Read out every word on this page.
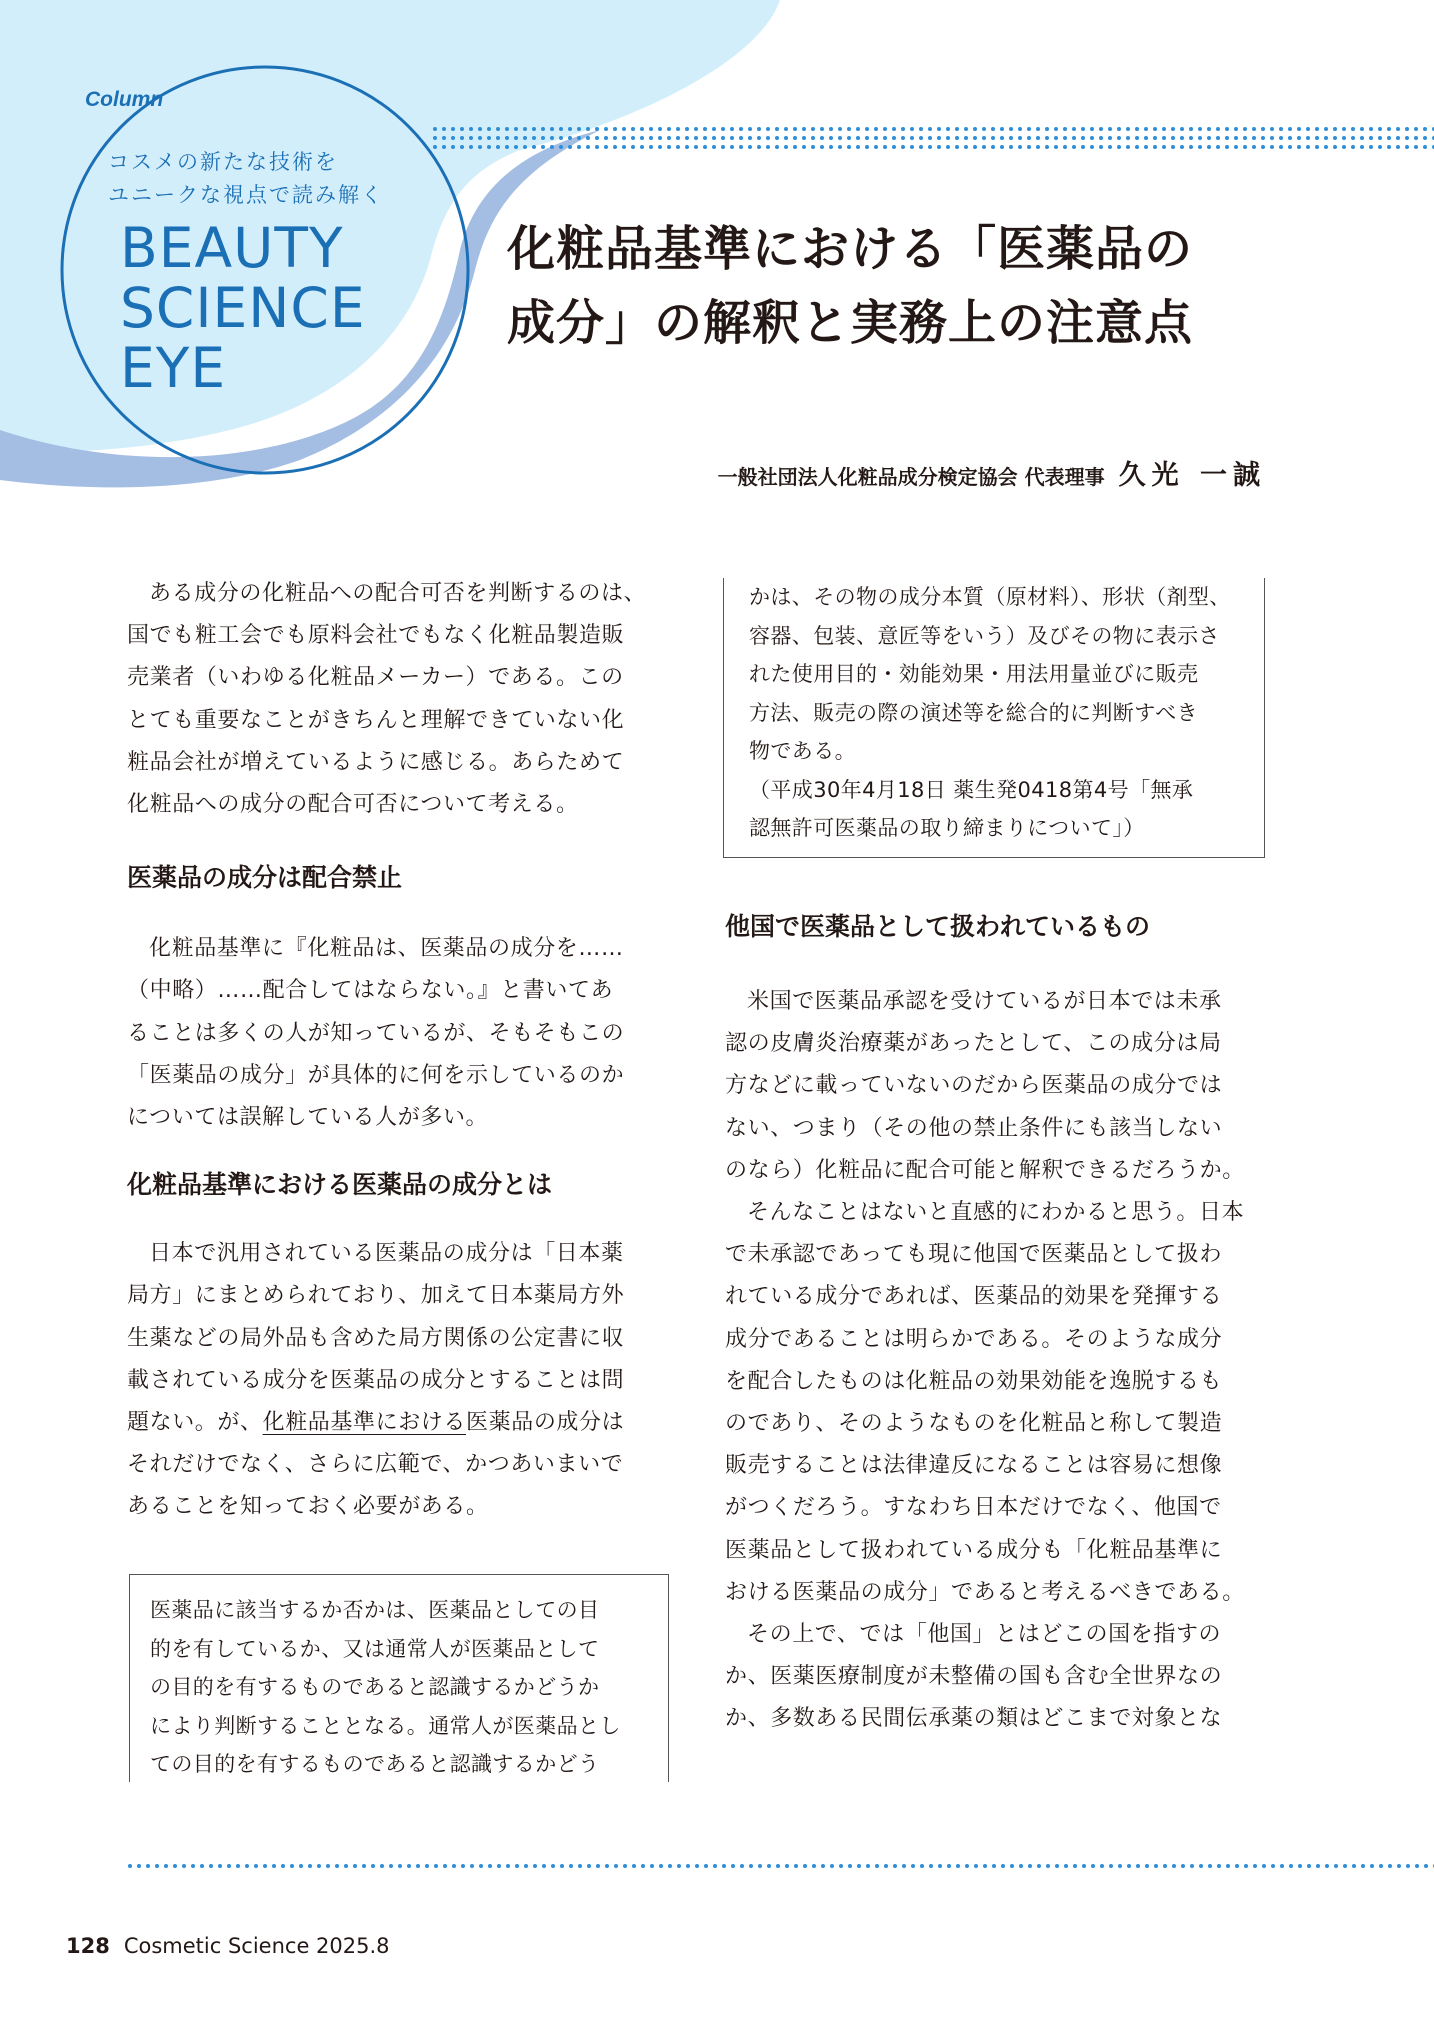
Column
コスメの新たな技術を
ユニークな視点で読み解く
BEAUTY
SCIENCE
EYE
化粧品基準における「医薬品の
成分」の解釈と実務上の注意点
一般社団法人化粧品成分検定協会 代表理事 久光 一誠
ある成分の化粧品への配合可否を判断するのは、
国でも粧工会でも原料会社でもなく化粧品製造販
売業者（いわゆる化粧品メーカー）である。この
とても重要なことがきちんと理解できていない化
粧品会社が増えているように感じる。あらためて
化粧品への成分の配合可否について考える。
医薬品の成分は配合禁止
化粧品基準に『化粧品は、医薬品の成分を……
（中略）……配合してはならない。』と書いてあ
ることは多くの人が知っているが、そもそもこの
「医薬品の成分」が具体的に何を示しているのか
については誤解している人が多い。
化粧品基準における医薬品の成分とは
日本で汎用されている医薬品の成分は「日本薬
局方」にまとめられており、加えて日本薬局方外
生薬などの局外品も含めた局方関係の公定書に収
載されている成分を医薬品の成分とすることは問
題ない。が、化粧品基準における医薬品の成分は
それだけでなく、さらに広範で、かつあいまいで
あることを知っておく必要がある。
医薬品に該当するか否かは、医薬品としての目
的を有しているか、又は通常人が医薬品として
の目的を有するものであると認識するかどうか
により判断することとなる。通常人が医薬品とし
ての目的を有するものであると認識するかどう
かは、その物の成分本質（原材料）、形状（剤型、
容器、包装、意匠等をいう）及びその物に表示さ
れた使用目的・効能効果・用法用量並びに販売
方法、販売の際の演述等を総合的に判断すべき
物である。
（平成30年4月18日 薬生発0418第4号「無承
認無許可医薬品の取り締まりについて」）
他国で医薬品として扱われているもの
米国で医薬品承認を受けているが日本では未承
認の皮膚炎治療薬があったとして、この成分は局
方などに載っていないのだから医薬品の成分では
ない、つまり（その他の禁止条件にも該当しない
のなら）化粧品に配合可能と解釈できるだろうか。
そんなことはないと直感的にわかると思う。日本
で未承認であっても現に他国で医薬品として扱わ
れている成分であれば、医薬品的効果を発揮する
成分であることは明らかである。そのような成分
を配合したものは化粧品の効果効能を逸脱するも
のであり、そのようなものを化粧品と称して製造
販売することは法律違反になることは容易に想像
がつくだろう。すなわち日本だけでなく、他国で
医薬品として扱われている成分も「化粧品基準に
おける医薬品の成分」であると考えるべきである。
その上で、では「他国」とはどこの国を指すの
か、医薬医療制度が未整備の国も含む全世界なの
か、多数ある民間伝承薬の類はどこまで対象とな
128 Cosmetic Science 2025.8
